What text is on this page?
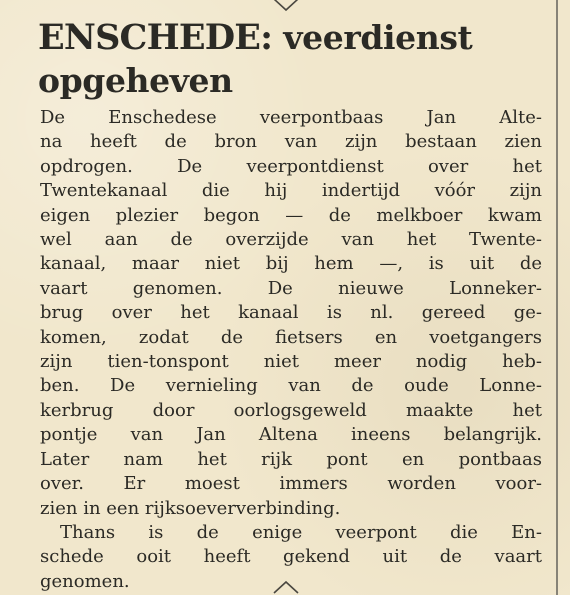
ENSCHEDE: veerdienst opgeheven
De Enschedese veerpontbaas Jan Alte-
na heeft de bron van zijn bestaan zien
opdrogen. De veerpontdienst over het
Twentekanaal die hij indertijd vóór zijn
eigen plezier begon — de melkboer kwam
wel aan de overzijde van het Twente-
kanaal, maar niet bij hem —, is uit de
vaart genomen. De nieuwe Lonneker-
brug over het kanaal is nl. gereed ge-
komen, zodat de fietsers en voetgangers
zijn tien-tonspont niet meer nodig heb-
ben. De vernieling van de oude Lonne-
kerbrug door oorlogsgeweld maakte het
pontje van Jan Altena ineens belangrijk.
Later nam het rijk pont en pontbaas
over. Er moest immers worden voor-
zien in een rijksoeververbinding.
Thans is de enige veerpont die En-
schede ooit heeft gekend uit de vaart
genomen.
